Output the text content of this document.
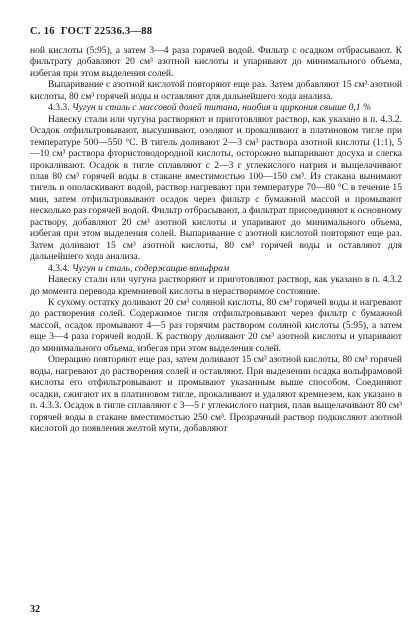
С. 16 ГОСТ 22536.3—88

ной кислоты (5:95), а затем 3—4 раза горячей водой. Фильтр с осадком отбрасывают. К фильтрату добавляют 20 см³ азотной кислоты и упаривают до минимального объема, избегая при этом выделения солей.

Выпаривание с азотной кислотой повторяют еще раз. Затем добавляют 15 см³ азотной кислоты, 80 см³ горячей воды и оставляют для дальнейшего хода анализа.

4.3.3. Чугун и сталь с массовой долей титана, ниобия и циркония свыше 0,1 %

Навеску стали или чугуна растворяют и приготовляют раствор, как указано в п. 4.3.2. Осадок отфильтровывают, высушивают, озоляют и прокаливают в платиновом тигле при температуре 500—550 °С. В тигель доливают 2—3 см³ раствора азотной кислоты (1:1), 5—10 см³ раствора фтористоводородной кислоты, осторожно выпаривают досуха и слегка прокаливают. Осадок в тигле сплавляют с 2—3 г углекислого натрия и выщелачивают плав 80 см³ горячей воды в стакане вместимостью 100—150 см³. Из стакана вынимают тигель и ополаскивают водой, раствор нагревают при температуре 70—80 °С в течение 15 мин, затем отфильтровывают осадок через фильтр с бумажной массой и промывают несколько раз горячей водой. Фильтр отбрасывают, а фильтрат присоединяют к основному раствору, добавляют 20 см³ азотной кислоты и упаривают до минимального объема, избегая при этом выделения солей. Выпаривание с азотной кислотой повторяют еще раз. Затем доливают 15 см³ азотной кислоты, 80 см³ горячей воды и оставляют для дальнейшего хода анализа.

4.3.4. Чугун и сталь, содержащие вольфрам

Навеску стали или чугуна растворяют и приготовляют раствор, как указано в п. 4.3.2 до момента перевода кремниевой кислоты в нерастворимое состояние.

К сухому остатку доливают 20 см³ соляной кислоты, 80 см³ горячей воды и нагревают до растворения солей. Содержимое тигля отфильтровывают через фильтр с бумажной массой, осадок промывают 4—5 раз горячим раствором соляной кислоты (5:95), а затем еще 3—4 раза горячей водой. К раствору доливают 20 см³ азотной кислоты и упаривают до минимального объема, избегая при этом выделения солей.

Операцию повторяют еще раз, затем доливают 15 см³ азотной кислоты, 80 см³ горячей воды, нагревают до растворения солей и оставляют. При выделении осадка вольфрамовой кислоты его отфильтровывают и промывают указанным выше способом. Соединяют осадки, сжигают их в платиновом тигле, прокаливают и удаляют кремнезем, как указано в п. 4.3.3. Осадок в тигле сплавляют с 3—5 г углекислого натрия, плав выщелачивают 80 см³ горячей воды в стакане вместимостью 250 см³. Прозрачный раствор подкисляют азотной кислотой до появления желтой мути, добавляют

32
